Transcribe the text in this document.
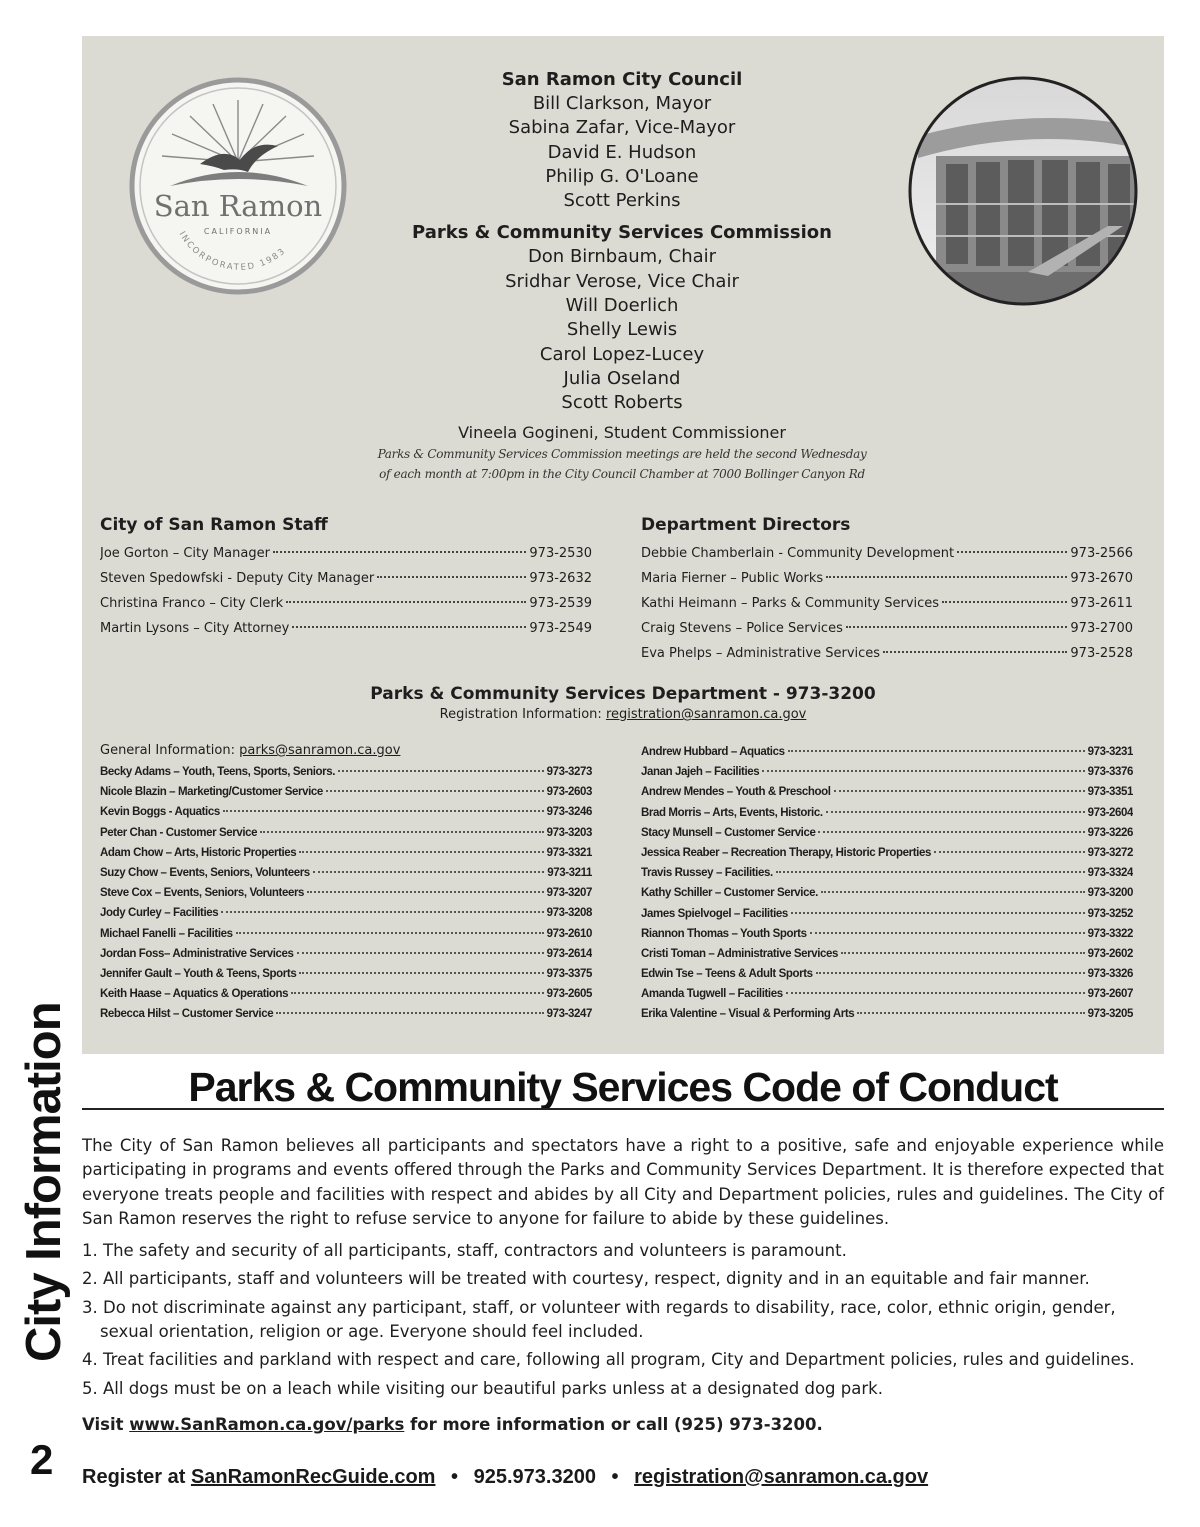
City Information
2
San Ramon
CALIFORNIA
INCORPORATED 1983
San Ramon City Council
Bill Clarkson, Mayor
Sabina Zafar, Vice-Mayor
David E. Hudson
Philip G. O'Loane
Scott Perkins
Parks & Community Services Commission
Don Birnbaum, Chair
Sridhar Verose, Vice Chair
Will Doerlich
Shelly Lewis
Carol Lopez-Lucey
Julia Oseland
Scott Roberts
Vineela Gogineni, Student Commissioner
Parks & Community Services Commission meetings are held the second Wednesday
of each month at 7:00pm in the City Council Chamber at 7000 Bollinger Canyon Rd
City of San Ramon Staff
Joe Gorton – City Manager	973-2530
Steven Spedowfski - Deputy City Manager	973-2632
Christina Franco – City Clerk	973-2539
Martin Lysons – City Attorney	973-2549
Department Directors
Debbie Chamberlain - Community Development	973-2566
Maria Fierner – Public Works	973-2670
Kathi Heimann – Parks & Community Services	973-2611
Craig Stevens – Police Services	973-2700
Eva Phelps – Administrative Services	973-2528
Parks & Community Services Department - 973-3200
Registration Information: registration@sanramon.ca.gov
General Information: parks@sanramon.ca.gov
Becky Adams – Youth, Teens, Sports, Seniors.	973-3273
Nicole Blazin – Marketing/Customer Service	973-2603
Kevin Boggs - Aquatics	973-3246
Peter Chan - Customer Service	973-3203
Adam Chow – Arts, Historic Properties	973-3321
Suzy Chow – Events, Seniors, Volunteers	973-3211
Steve Cox – Events, Seniors, Volunteers	973-3207
Jody Curley – Facilities	973-3208
Michael Fanelli – Facilities	973-2610
Jordan Foss– Administrative Services	973-2614
Jennifer Gault – Youth & Teens, Sports	973-3375
Keith Haase – Aquatics & Operations	973-2605
Rebecca Hilst – Customer Service	973-3247
Andrew Hubbard – Aquatics	973-3231
Janan Jajeh – Facilities	973-3376
Andrew Mendes – Youth & Preschool	973-3351
Brad Morris – Arts, Events, Historic.	973-2604
Stacy Munsell – Customer Service	973-3226
Jessica Reaber – Recreation Therapy, Historic Properties	973-3272
Travis Russey – Facilities.	973-3324
Kathy Schiller – Customer Service.	973-3200
James Spielvogel – Facilities	973-3252
Riannon Thomas – Youth Sports	973-3322
Cristi Toman – Administrative Services	973-2602
Edwin Tse – Teens & Adult Sports	973-3326
Amanda Tugwell – Facilities	973-2607
Erika Valentine – Visual & Performing Arts	973-3205
Parks & Community Services Code of Conduct

The City of San Ramon believes all participants and spectators have a right to a positive, safe and enjoyable experience while participating in programs and events offered through the Parks and Community Services Department. It is therefore expected that everyone treats people and facilities with respect and abides by all City and Department policies, rules and guidelines. The City of San Ramon reserves the right to refuse service to anyone for failure to abide by these guidelines.

1. The safety and security of all participants, staff, contractors and volunteers is paramount.
2. All participants, staff and volunteers will be treated with courtesy, respect, dignity and in an equitable and fair manner.
3. Do not discriminate against any participant, staff, or volunteer with regards to disability, race, color, ethnic origin, gender, sexual orientation, religion or age. Everyone should feel included.
4. Treat facilities and parkland with respect and care, following all program, City and Department policies, rules and guidelines.
5. All dogs must be on a leach while visiting our beautiful parks unless at a designated dog park.
Visit www.SanRamon.ca.gov/parks for more information or call (925) 973-3200.
Register at SanRamonRecGuide.com • 925.973.3200 • registration@sanramon.ca.gov
